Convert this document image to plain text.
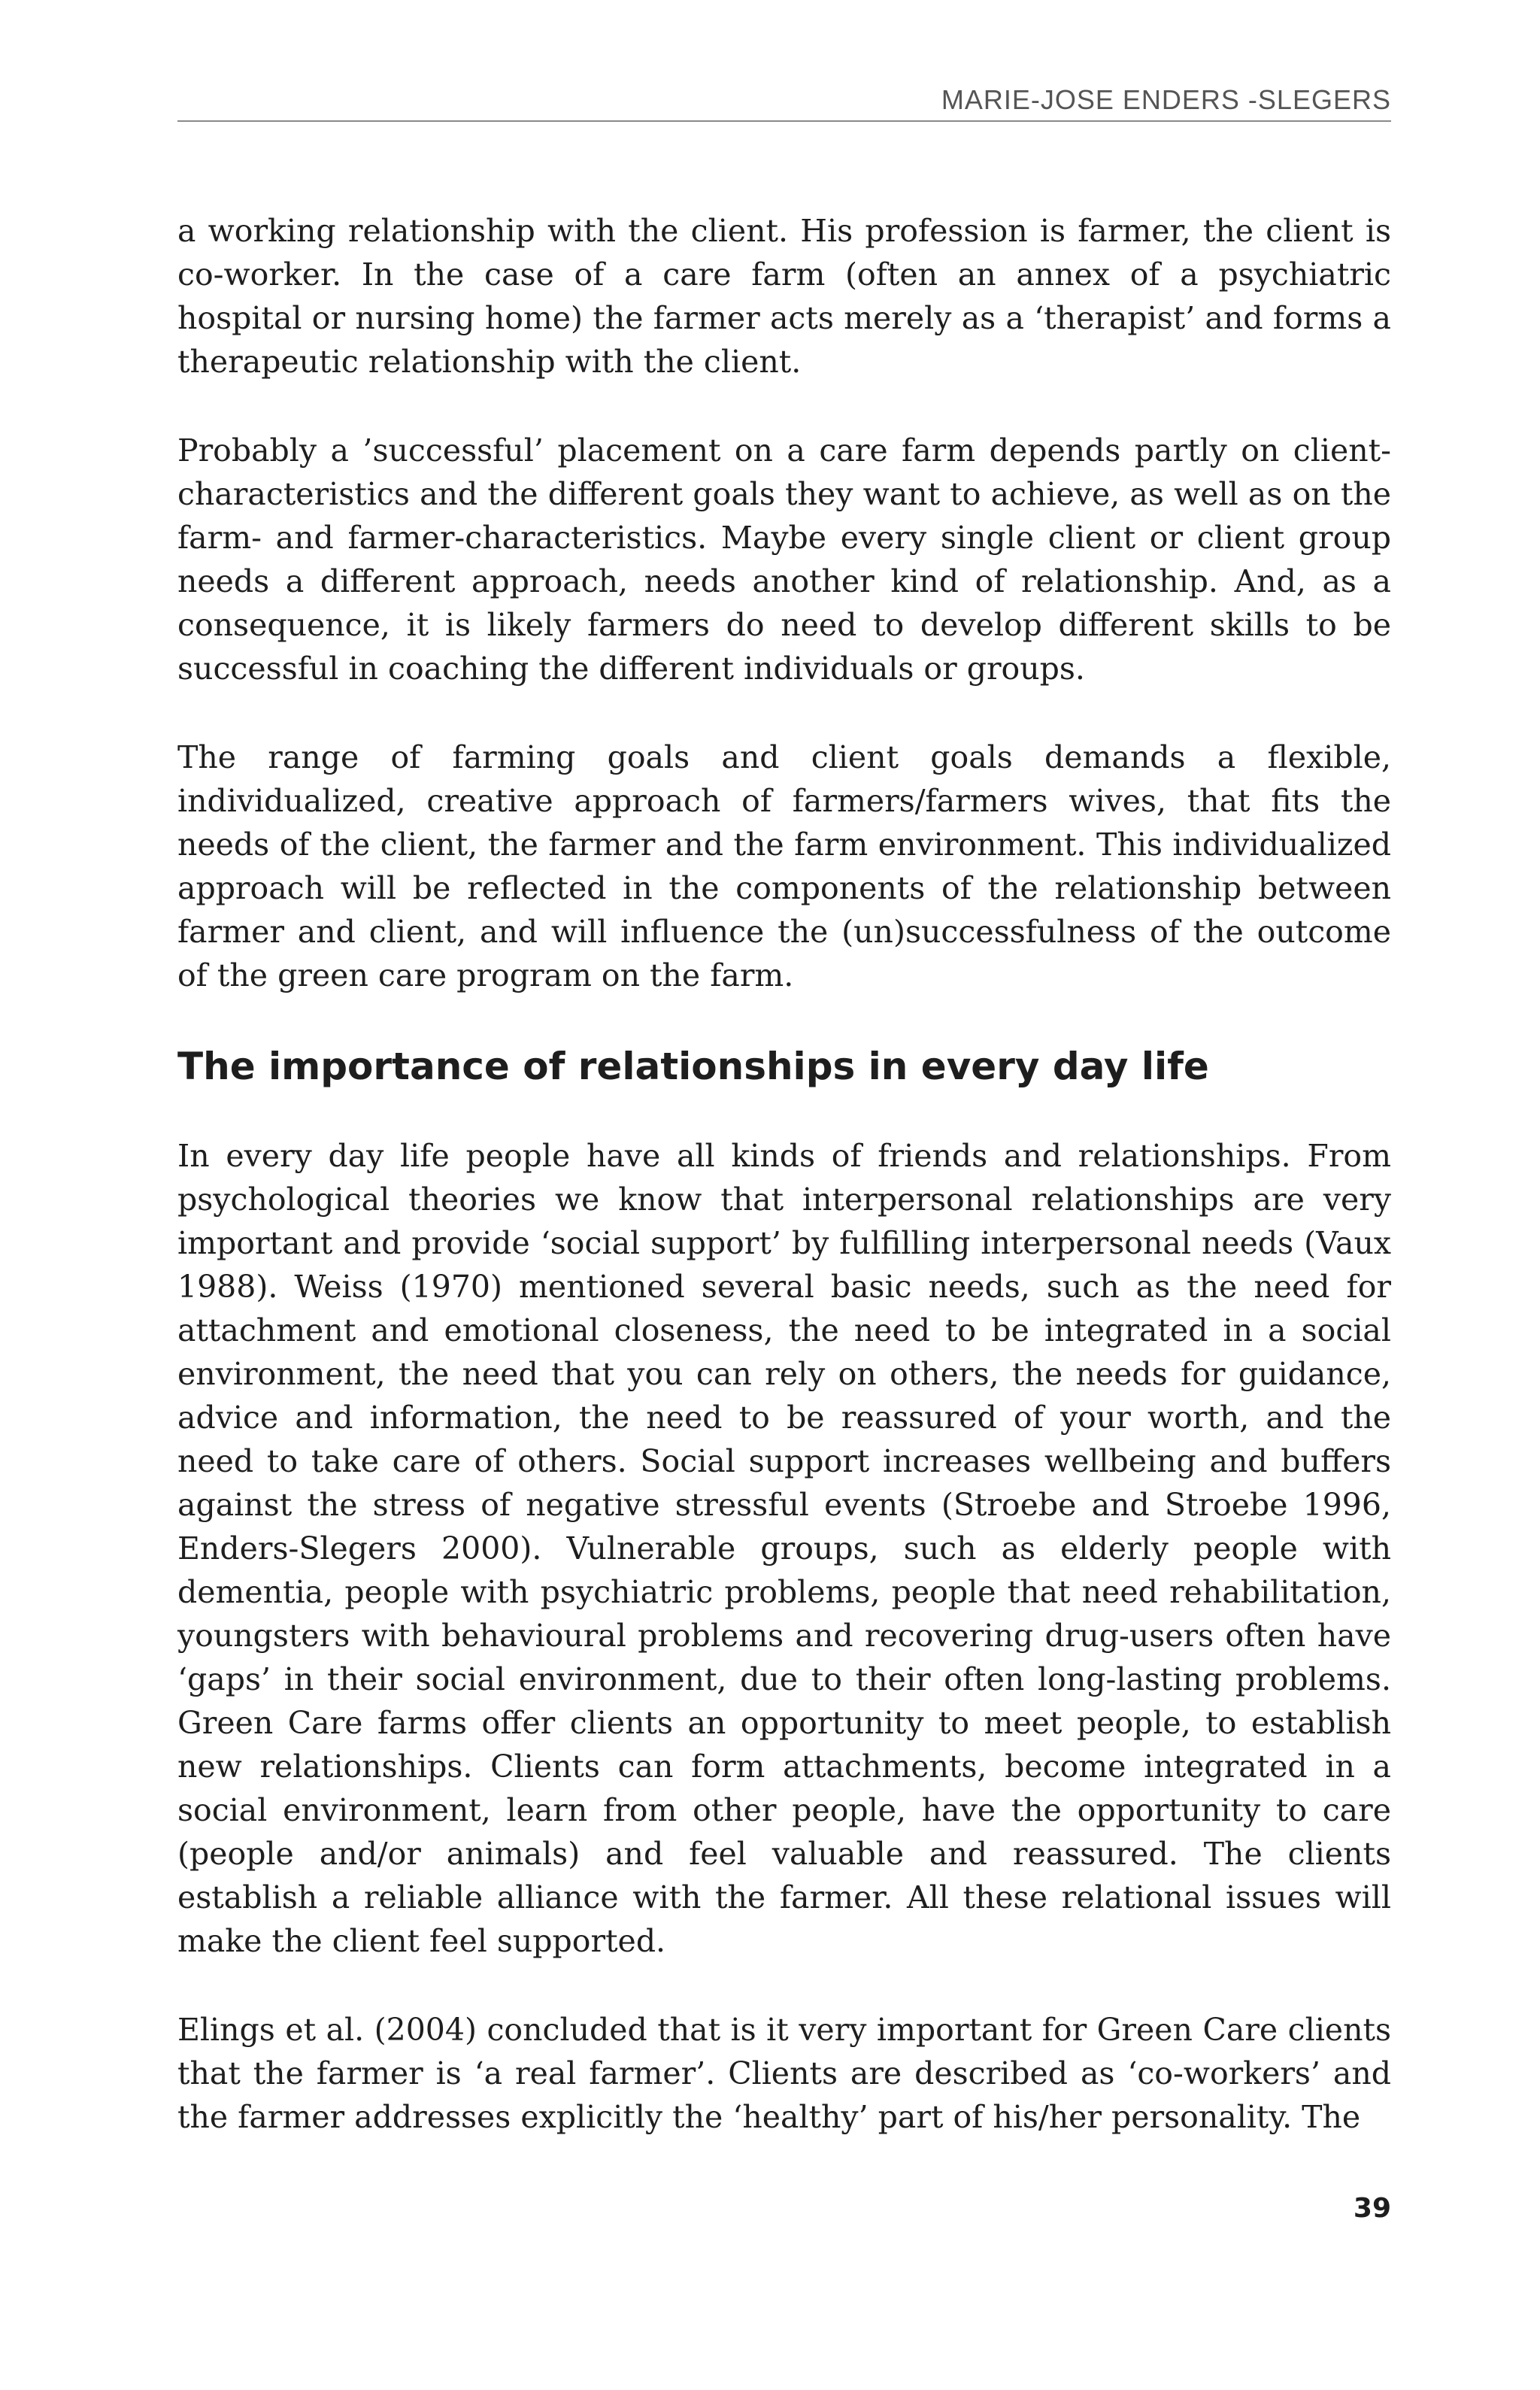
MARIE-JOSE ENDERS -SLEGERS

a working relationship with the client. His profession is farmer, the client is co-worker. In the case of a care farm (often an annex of a psychiatric hospital or nursing home) the farmer acts merely as a ‘therapist’ and forms a therapeutic relationship with the client.

Probably a ’successful’ placement on a care farm depends partly on client-characteristics and the different goals they want to achieve, as well as on the farm- and farmer-characteristics. Maybe every single client or client group needs a different approach, needs another kind of relationship. And, as a consequence, it is likely farmers do need to develop different skills to be successful in coaching the different individuals or groups.

The range of farming goals and client goals demands a flexible, individualized, creative approach of farmers/farmers wives, that fits the needs of the client, the farmer and the farm environment. This individualized approach will be reflected in the components of the relationship between farmer and client, and will influence the (un)successfulness of the outcome of the green care program on the farm.

The importance of relationships in every day life

In every day life people have all kinds of friends and relationships. From psychological theories we know that interpersonal relationships are very important and provide ‘social support’ by fulfilling interpersonal needs (Vaux 1988). Weiss (1970) mentioned several basic needs, such as the need for attachment and emotional closeness, the need to be integrated in a social environment, the need that you can rely on others, the needs for guidance, advice and information, the need to be reassured of your worth, and the need to take care of others. Social support increases wellbeing and buffers against the stress of negative stressful events (Stroebe and Stroebe 1996, Enders-Slegers 2000). Vulnerable groups, such as elderly people with dementia, people with psychiatric problems, people that need rehabilitation, youngsters with behavioural problems and recovering drug-users often have ‘gaps’ in their social environment, due to their often long-lasting problems. Green Care farms offer clients an opportunity to meet people, to establish new relationships. Clients can form attachments, become integrated in a social environment, learn from other people, have the opportunity to care (people and/or animals) and feel valuable and reassured. The clients establish a reliable alliance with the farmer. All these relational issues will make the client feel supported.

Elings et al. (2004) concluded that is it very important for Green Care clients that the farmer is ‘a real farmer’. Clients are described as ‘co-workers’ and the farmer addresses explicitly the ‘healthy’ part of his/her personality. The

39
